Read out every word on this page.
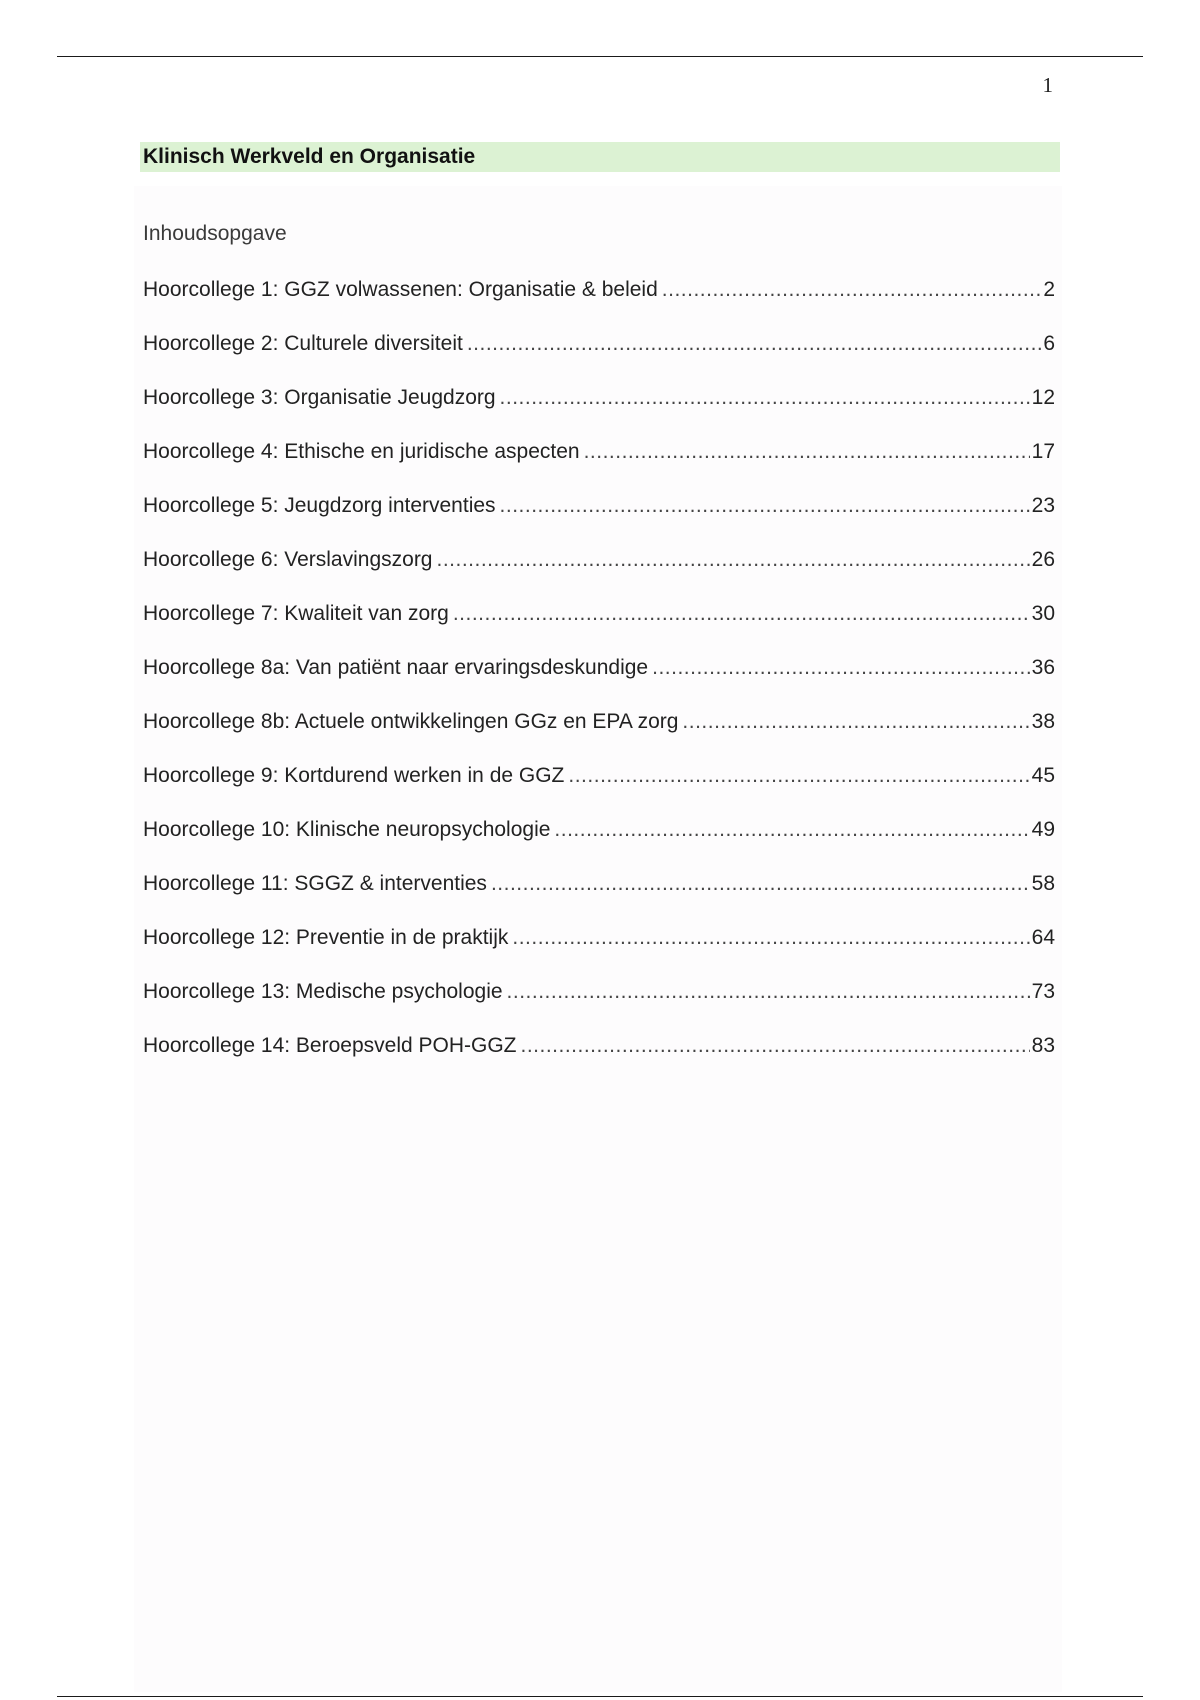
1
Klinisch Werkveld en Organisatie
Inhoudsopgave
Hoorcollege 1: GGZ volwassenen: Organisatie & beleid .....	2
Hoorcollege 2: Culturele diversiteit .....	6
Hoorcollege 3: Organisatie Jeugdzorg .....	12
Hoorcollege 4: Ethische en juridische aspecten .....	17
Hoorcollege 5: Jeugdzorg interventies .....	23
Hoorcollege 6: Verslavingszorg .....	26
Hoorcollege 7: Kwaliteit van zorg .....	30
Hoorcollege 8a: Van patiënt naar ervaringsdeskundige .....	36
Hoorcollege 8b: Actuele ontwikkelingen GGz en EPA zorg .....	38
Hoorcollege 9: Kortdurend werken in de GGZ .....	45
Hoorcollege 10: Klinische neuropsychologie .....	49
Hoorcollege 11: SGGZ & interventies .....	58
Hoorcollege 12: Preventie in de praktijk .....	64
Hoorcollege 13: Medische psychologie .....	73
Hoorcollege 14: Beroepsveld POH-GGZ .....	83
